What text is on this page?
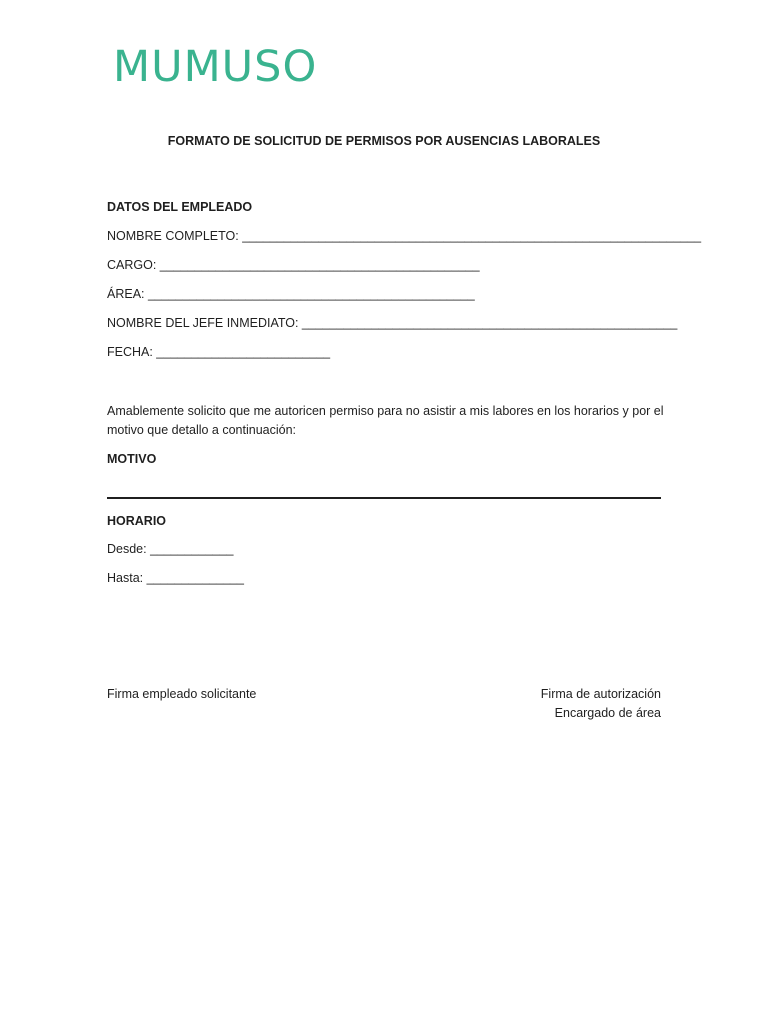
MUMUSO
FORMATO DE SOLICITUD DE PERMISOS POR AUSENCIAS LABORALES
DATOS DEL EMPLEADO
NOMBRE COMPLETO: __________________________________________________________________
CARGO: ______________________________________________
ÁREA: _______________________________________________
NOMBRE DEL JEFE INMEDIATO: ______________________________________________________
FECHA: _________________________
Amablemente solicito que me autoricen permiso para no asistir a mis labores en los horarios y por el motivo que detallo a continuación:
MOTIVO
HORARIO
Desde: ____________
Hasta: ______________
Firma empleado solicitante	Firma de autorización
Encargado de área
